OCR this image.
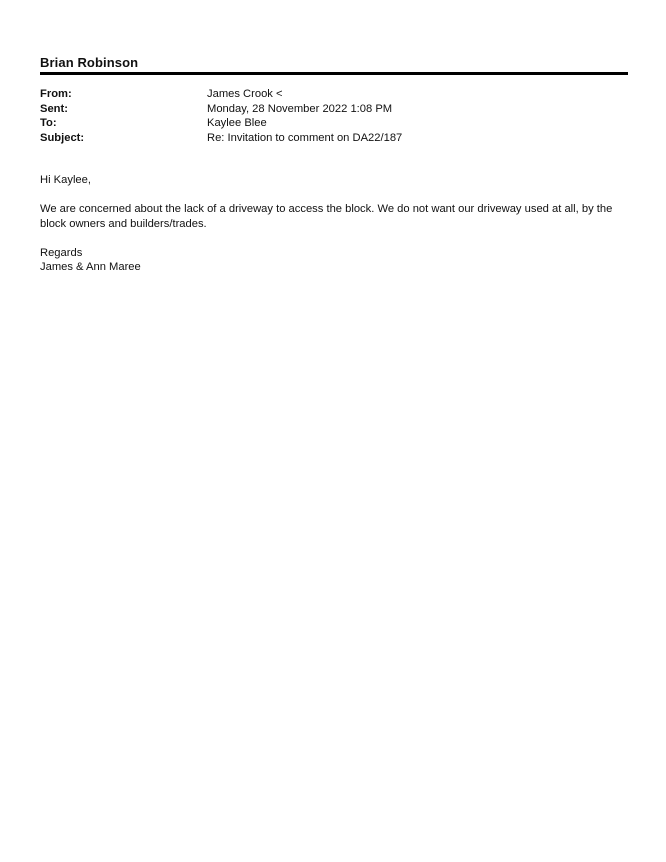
Brian Robinson
From:	James Crook <
Sent:	Monday, 28 November 2022 1:08 PM
To:	Kaylee Blee
Subject:	Re: Invitation to comment on DA22/187

Hi Kaylee,

We are concerned about the lack of a driveway to access the block. We do not want our driveway used at all, by the block owners and builders/trades.

Regards
James & Ann Maree
